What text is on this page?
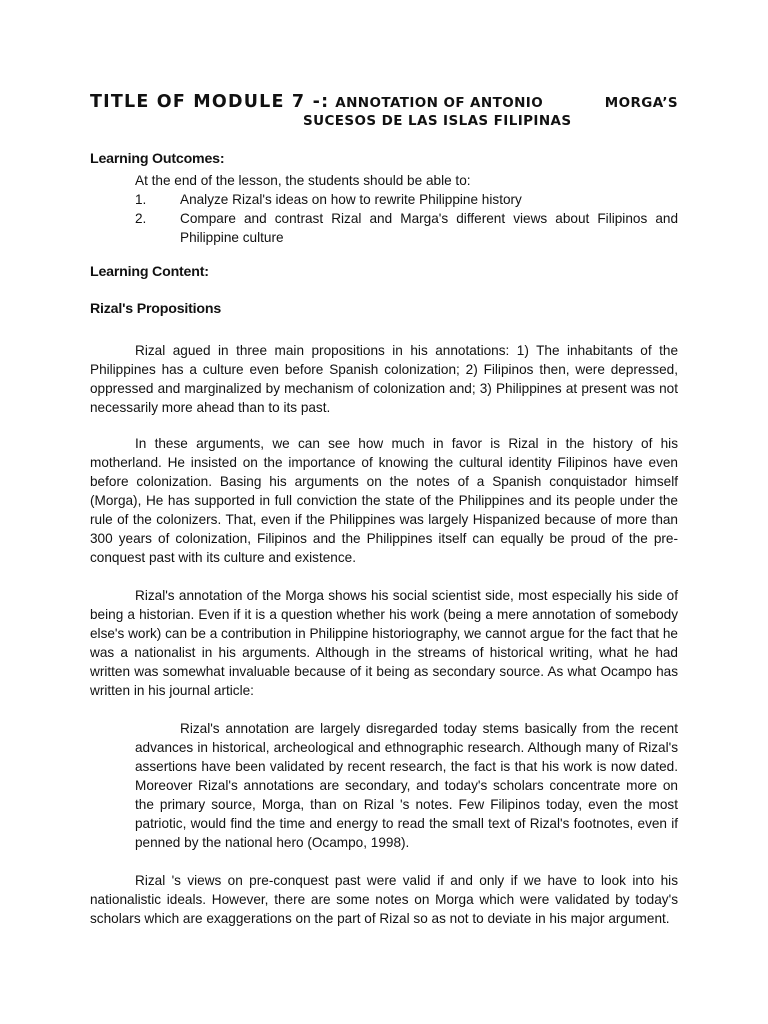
TITLE OF MODULE 7 -: ANNOTATION OF ANTONIO	MORGA’S
SUCESOS DE LAS ISLAS FILIPINAS
Learning Outcomes:
At the end of the lesson, the students should be able to:
1.	Analyze Rizal's ideas on how to rewrite Philippine history
2.	Compare and contrast Rizal and Marga's different views about Filipinos and Philippine culture
Learning Content:
Rizal's Propositions
Rizal agued in three main propositions in his annotations: 1) The inhabitants of the Philippines has a culture even before Spanish colonization; 2) Filipinos then, were depressed, oppressed and marginalized by mechanism of colonization and; 3) Philippines at present was not necessarily more ahead than to its past.
In these arguments, we can see how much in favor is Rizal in the history of his motherland. He insisted on the importance of knowing the cultural identity Filipinos have even before colonization. Basing his arguments on the notes of a Spanish conquistador himself (Morga), He has supported in full conviction the state of the Philippines and its people under the rule of the colonizers. That, even if the Philippines was largely Hispanized because of more than 300 years of colonization, Filipinos and the Philippines itself can equally be proud of the pre-conquest past with its culture and existence.
Rizal's annotation of the Morga shows his social scientist side, most especially his side of being a historian. Even if it is a question whether his work (being a mere annotation of somebody else's work) can be a contribution in Philippine historiography, we cannot argue for the fact that he was a nationalist in his arguments. Although in the streams of historical writing, what he had written was somewhat invaluable because of it being as secondary source. As what Ocampo has written in his journal article:
Rizal's annotation are largely disregarded today stems basically from the recent advances in historical, archeological and ethnographic research. Although many of Rizal's assertions have been validated by recent research, the fact is that his work is now dated. Moreover Rizal's annotations are secondary, and today's scholars concentrate more on the primary source, Morga, than on Rizal 's notes. Few Filipinos today, even the most patriotic, would find the time and energy to read the small text of Rizal's footnotes, even if penned by the national hero (Ocampo, 1998).
Rizal 's views on pre-conquest past were valid if and only if we have to look into his nationalistic ideals. However, there are some notes on Morga which were validated by today's scholars which are exaggerations on the part of Rizal so as not to deviate in his major argument.
